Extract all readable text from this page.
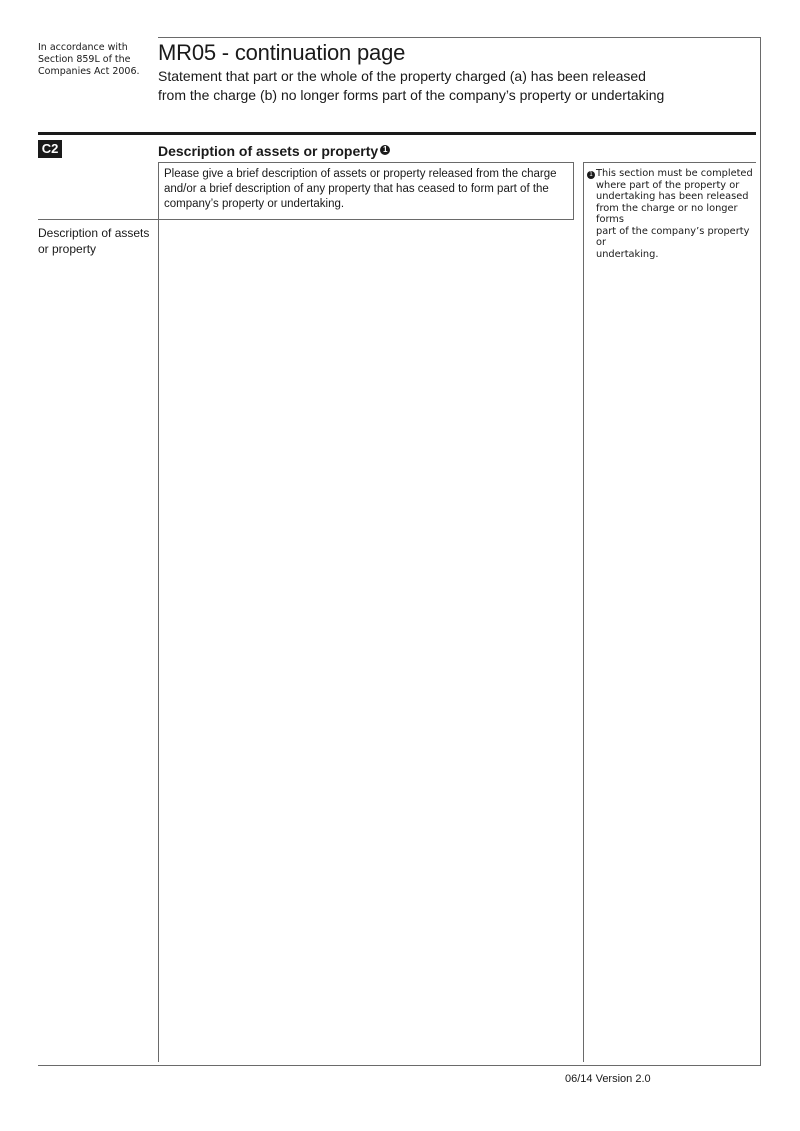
In accordance with
Section 859L of the
Companies Act 2006.
MR05 - continuation page
Statement that part or the whole of the property charged (a) has been released
from the charge (b) no longer forms part of the company’s property or undertaking
C2	Description of assets or property 1
Please give a brief description of assets or property released from the charge
and/or a brief description of any property that has ceased to form part of the
company’s property or undertaking.
Description of assets
or property
1 This section must be completed
where part of the property or
undertaking has been released
from the charge or no longer forms
part of the company’s property or
undertaking.
06/14 Version 2.0
